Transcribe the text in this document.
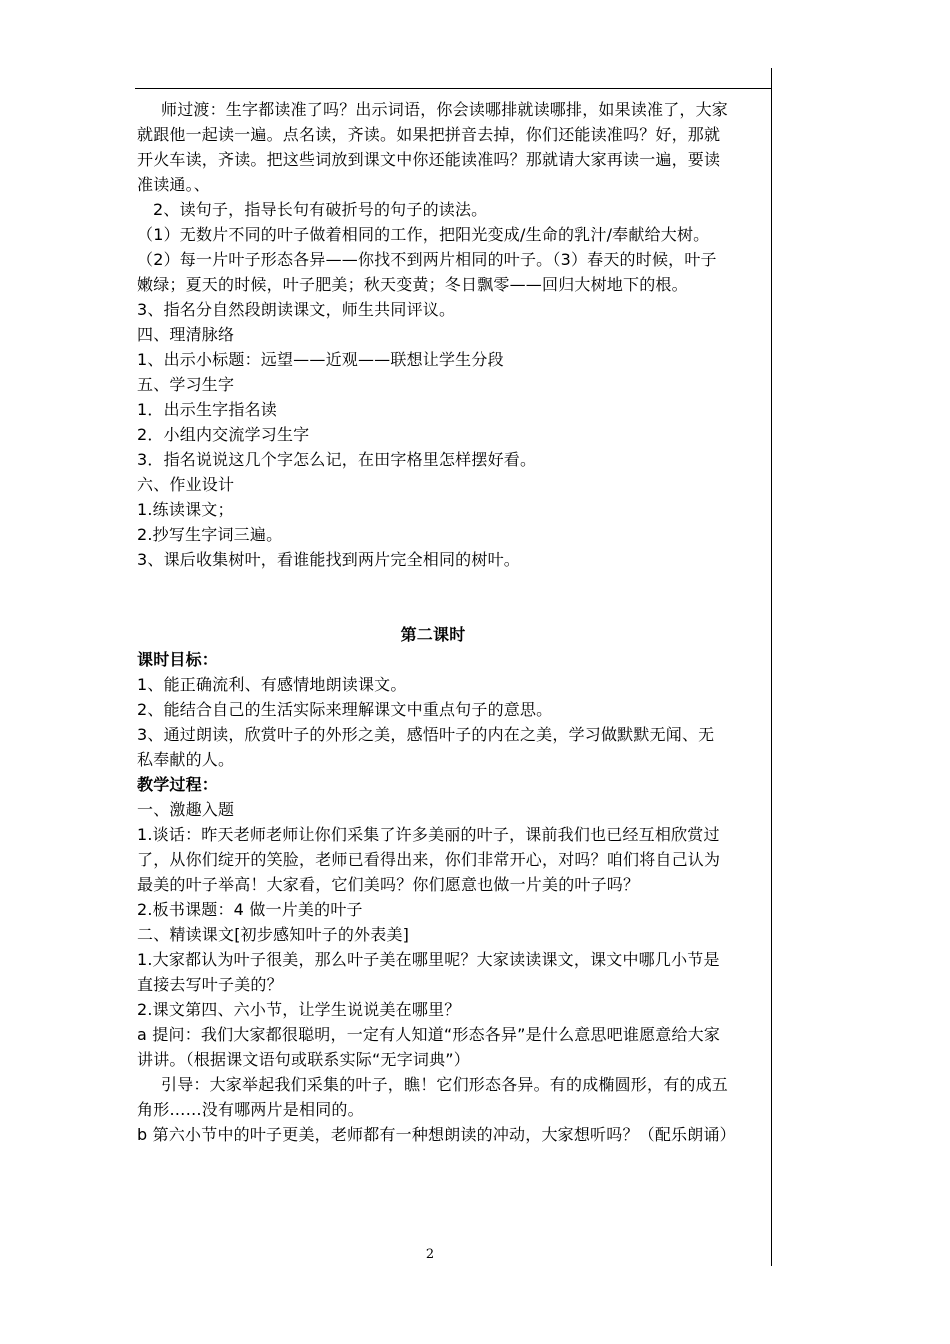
师过渡：生字都读准了吗？出示词语，你会读哪排就读哪排，如果读准了，大家就跟他一起读一遍。点名读，齐读。如果把拼音去掉，你们还能读准吗？好，那就开火车读，齐读。把这些词放到课文中你还能读准吗？那就请大家再读一遍，要读准读通。、

2、读句子，指导长句有破折号的句子的读法。

（1）无数片不同的叶子做着相同的工作，把阳光变成/生命的乳汁/奉献给大树。（2）每一片叶子形态各异——你找不到两片相同的叶子。（3）春天的时候，叶子嫩绿；夏天的时候，叶子肥美；秋天变黄；冬日飘零——回归大树地下的根。

3、指名分自然段朗读课文，师生共同评议。

四、理清脉络

1、出示小标题：远望——近观——联想让学生分段

五、学习生字

1．出示生字指名读

2．小组内交流学习生字

3．指名说说这几个字怎么记，在田字格里怎样摆好看。

六、作业设计

1.练读课文；

2.抄写生字词三遍。

3、课后收集树叶，看谁能找到两片完全相同的树叶。

第二课时

课时目标：

1、能正确流利、有感情地朗读课文。

2、能结合自己的生活实际来理解课文中重点句子的意思。

3、通过朗读，欣赏叶子的外形之美，感悟叶子的内在之美，学习做默默无闻、无私奉献的人。

教学过程：

一、激趣入题

1.谈话：昨天老师老师让你们采集了许多美丽的叶子，课前我们也已经互相欣赏过了，从你们绽开的笑脸，老师已看得出来，你们非常开心，对吗？咱们将自己认为最美的叶子举高！大家看，它们美吗？你们愿意也做一片美的叶子吗？

2.板书课题：4 做一片美的叶子

二、精读课文[初步感知叶子的外表美]

1.大家都认为叶子很美，那么叶子美在哪里呢？大家读读课文，课文中哪几小节是直接去写叶子美的？

2.课文第四、六小节，让学生说说美在哪里？

a 提问：我们大家都很聪明，一定有人知道“形态各异”是什么意思吧谁愿意给大家讲讲。（根据课文语句或联系实际“无字词典”）

引导：大家举起我们采集的叶子，瞧！它们形态各异。有的成椭圆形，有的成五角形……没有哪两片是相同的。

b 第六小节中的叶子更美，老师都有一种想朗读的冲动，大家想听吗？（配乐朗诵）

2
